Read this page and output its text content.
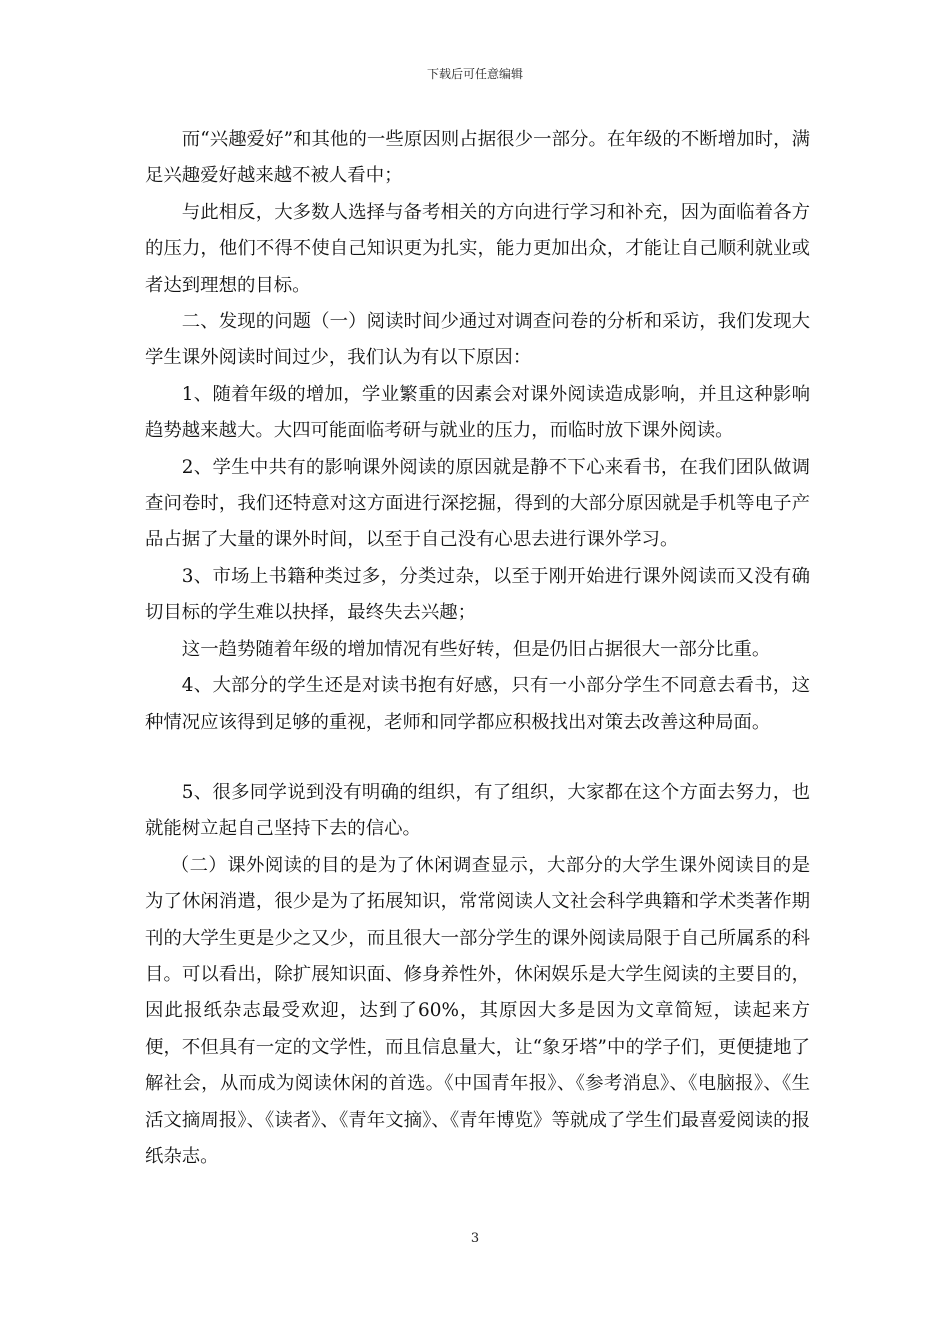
下载后可任意编辑

而“兴趣爱好”和其他的一些原因则占据很少一部分。在年级的不断增加时，满足兴趣爱好越来越不被人看中；

与此相反，大多数人选择与备考相关的方向进行学习和补充，因为面临着各方的压力，他们不得不使自己知识更为扎实，能力更加出众，才能让自己顺利就业或者达到理想的目标。

二、发现的问题（一）阅读时间少通过对调查问卷的分析和采访，我们发现大学生课外阅读时间过少，我们认为有以下原因：

1、随着年级的增加，学业繁重的因素会对课外阅读造成影响，并且这种影响趋势越来越大。大四可能面临考研与就业的压力，而临时放下课外阅读。

2、学生中共有的影响课外阅读的原因就是静不下心来看书，在我们团队做调查问卷时，我们还特意对这方面进行深挖掘，得到的大部分原因就是手机等电子产品占据了大量的课外时间，以至于自己没有心思去进行课外学习。

3、市场上书籍种类过多，分类过杂，以至于刚开始进行课外阅读而又没有确切目标的学生难以抉择，最终失去兴趣；

这一趋势随着年级的增加情况有些好转，但是仍旧占据很大一部分比重。

4、大部分的学生还是对读书抱有好感，只有一小部分学生不同意去看书，这种情况应该得到足够的重视，老师和同学都应积极找出对策去改善这种局面。

5、很多同学说到没有明确的组织，有了组织，大家都在这个方面去努力，也就能树立起自己坚持下去的信心。

（二）课外阅读的目的是为了休闲调查显示，大部分的大学生课外阅读目的是为了休闲消遣，很少是为了拓展知识，常常阅读人文社会科学典籍和学术类著作期刊的大学生更是少之又少，而且很大一部分学生的课外阅读局限于自己所属系的科目。可以看出，除扩展知识面、修身养性外，休闲娱乐是大学生阅读的主要目的，因此报纸杂志最受欢迎，达到了60%，其原因大多是因为文章简短，读起来方便，不但具有一定的文学性，而且信息量大，让“象牙塔”中的学子们，更便捷地了解社会，从而成为阅读休闲的首选。《中国青年报》、《参考消息》、《电脑报》、《生活文摘周报》、《读者》、《青年文摘》、《青年博览》等就成了学生们最喜爱阅读的报纸杂志。

3
